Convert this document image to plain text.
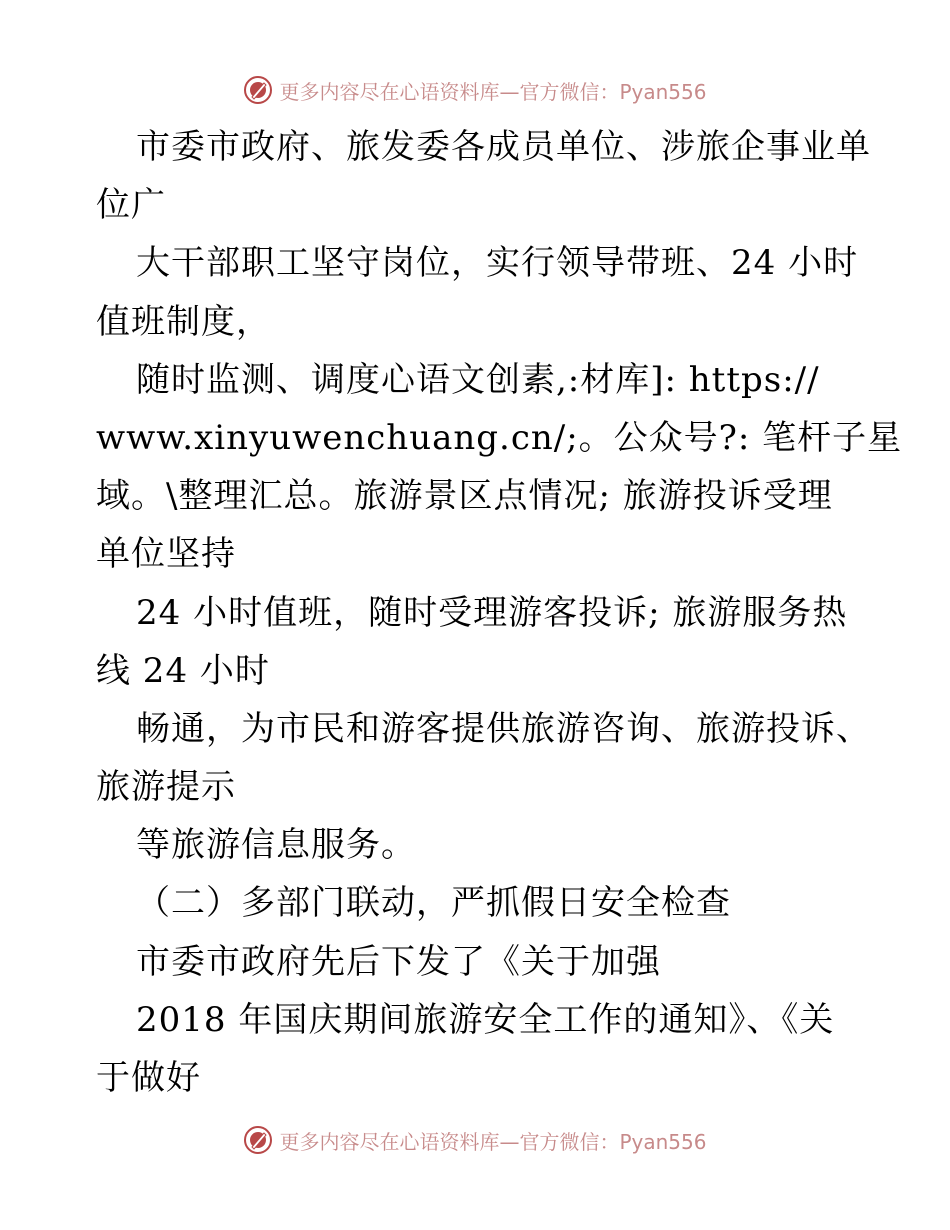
更多内容尽在心语资料库—官方微信：Pyan556
市委市政府、旅发委各成员单位、涉旅企事业单
位广
大干部职工坚守岗位，实行领导带班、24 小时
值班制度，
随时监测、调度心语文创素,:材库]: https://
www.xinyuwenchuang.cn/;。公众号?: 笔杆子星
域。\整理汇总。旅游景区点情况; 旅游投诉受理
单位坚持
24 小时值班，随时受理游客投诉; 旅游服务热
线 24 小时
畅通，为市民和游客提供旅游咨询、旅游投诉、
旅游提示
等旅游信息服务。
（二）多部门联动，严抓假日安全检查
市委市政府先后下发了《关于加强
2018 年国庆期间旅游安全工作的通知》、《关
于做好
更多内容尽在心语资料库—官方微信：Pyan556
